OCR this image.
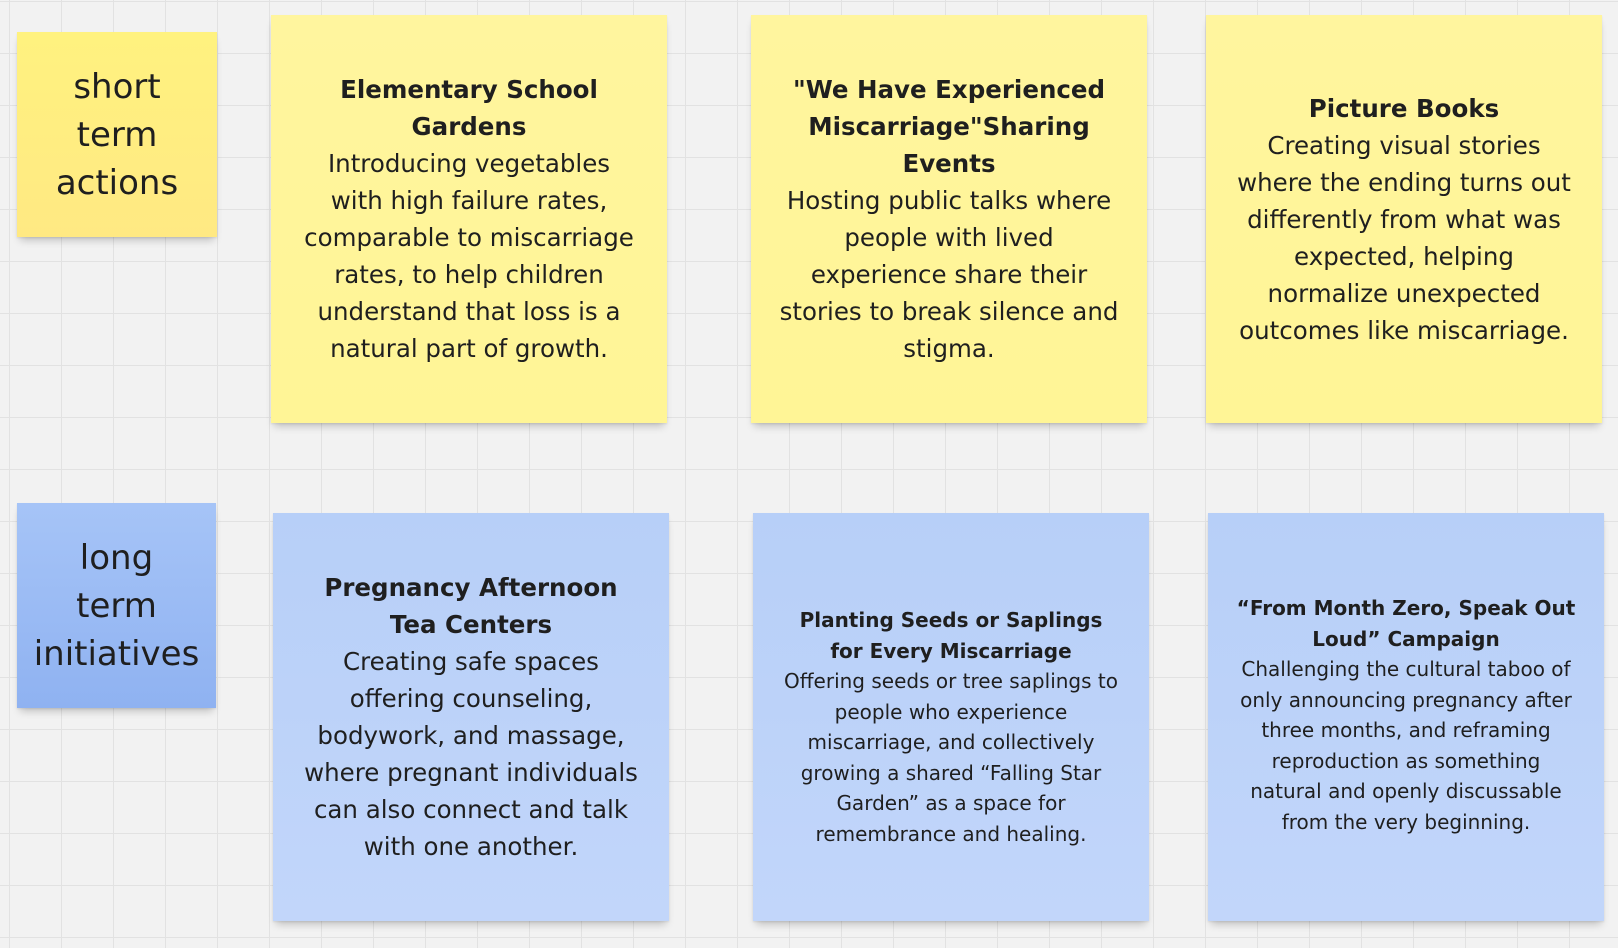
short
term
actions
long
term
initiatives
Elementary School Gardens
Introducing vegetables with high failure rates, comparable to miscarriage rates, to help children understand that loss is a natural part of growth.
"We Have Experienced Miscarriage"Sharing Events
Hosting public talks where people with lived experience share their stories to break silence and stigma.
Picture Books
Creating visual stories where the ending turns out differently from what was expected, helping normalize unexpected outcomes like miscarriage.
Pregnancy Afternoon Tea Centers
Creating safe spaces offering counseling, bodywork, and massage, where pregnant individuals can also connect and talk with one another.
Planting Seeds or Saplings for Every Miscarriage
Offering seeds or tree saplings to people who experience miscarriage, and collectively growing a shared “Falling Star Garden” as a space for remembrance and healing.
“From Month Zero, Speak Out Loud” Campaign
Challenging the cultural taboo of only announcing pregnancy after three months, and reframing reproduction as something natural and openly discussable from the very beginning.
